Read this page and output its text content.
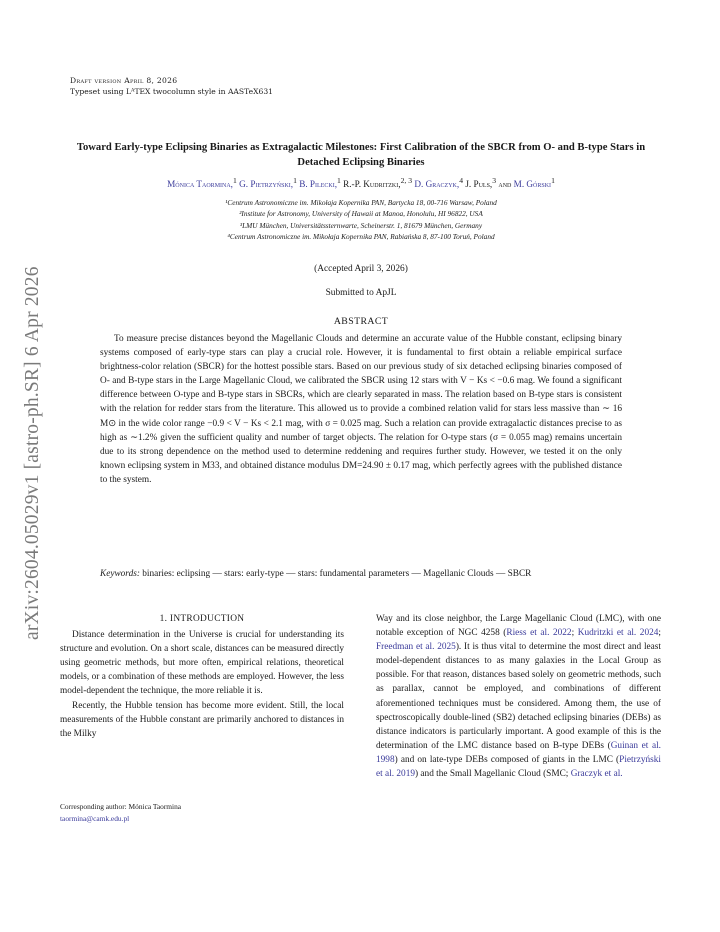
arXiv:2604.05029v1 [astro-ph.SR] 6 Apr 2026
Draft version April 8, 2026
Typeset using LᴬTEX twocolumn style in AASTeX631
Toward Early-type Eclipsing Binaries as Extragalactic Milestones: First Calibration of the SBCR from O- and B-type Stars in Detached Eclipsing Binaries
Mónica Taormina,$^1$ G. Pietrzyński,$^1$ B. Pilecki,$^1$ R.-P. Kudritzki,$^{2, 3}$ D. Graczyk,$^4$ J. Puls,$^3$ and M. Górski$^1$
¹Centrum Astronomiczne im. Mikołaja Kopernika PAN, Bartycka 18, 00-716 Warsaw, Poland
²Institute for Astronomy, University of Hawaii at Manoa, Honolulu, HI 96822, USA
³LMU München, Universitätssternwarte, Scheinerstr. 1, 81679 München, Germany
⁴Centrum Astronomiczne im. Mikołaja Kopernika PAN, Rabiańska 8, 87-100 Toruń, Poland
(Accepted April 3, 2026)
Submitted to ApJL
ABSTRACT
To measure precise distances beyond the Magellanic Clouds and determine an accurate value of the Hubble constant, eclipsing binary systems composed of early-type stars can play a crucial role. However, it is fundamental to first obtain a reliable empirical surface brightness-color relation (SBCR) for the hottest possible stars. Based on our previous study of six detached eclipsing binaries composed of O- and B-type stars in the Large Magellanic Cloud, we calibrated the SBCR using 12 stars with V − Ks < −0.6 mag. We found a significant difference between O-type and B-type stars in SBCRs, which are clearly separated in mass. The relation based on B-type stars is consistent with the relation for redder stars from the literature. This allowed us to provide a combined relation valid for stars less massive than ∼ 16 M⊙ in the wide color range −0.9 < V − Ks < 2.1 mag, with σ = 0.025 mag. Such a relation can provide extragalactic distances precise to as high as ∼1.2% given the sufficient quality and number of target objects. The relation for O-type stars (σ = 0.055 mag) remains uncertain due to its strong dependence on the method used to determine reddening and requires further study. However, we tested it on the only known eclipsing system in M33, and obtained distance modulus DM=24.90 ± 0.17 mag, which perfectly agrees with the published distance to the system.
Keywords: binaries: eclipsing — stars: early-type — stars: fundamental parameters — Magellanic Clouds — SBCR
1. INTRODUCTION

Distance determination in the Universe is crucial for understanding its structure and evolution. On a short scale, distances can be measured directly using geometric methods, but more often, empirical relations, theoretical models, or a combination of these methods are employed. However, the less model-dependent the technique, the more reliable it is.

Recently, the Hubble tension has become more evident. Still, the local measurements of the Hubble constant are primarily anchored to distances in the Milky

Way and its close neighbor, the Large Magellanic Cloud (LMC), with one notable exception of NGC 4258 (Riess et al. 2022; Kudritzki et al. 2024; Freedman et al. 2025). It is thus vital to determine the most direct and least model-dependent distances to as many galaxies in the Local Group as possible. For that reason, distances based solely on geometric methods, such as parallax, cannot be employed, and combinations of different aforementioned techniques must be considered. Among them, the use of spectroscopically double-lined (SB2) detached eclipsing binaries (DEBs) as distance indicators is particularly important. A good example of this is the determination of the LMC distance based on B-type DEBs (Guinan et al. 1998) and on late-type DEBs composed of giants in the LMC (Pietrzyński et al. 2019) and the Small Magellanic Cloud (SMC; Graczyk et al.
Corresponding author: Mónica Taormina
taormina@camk.edu.pl
